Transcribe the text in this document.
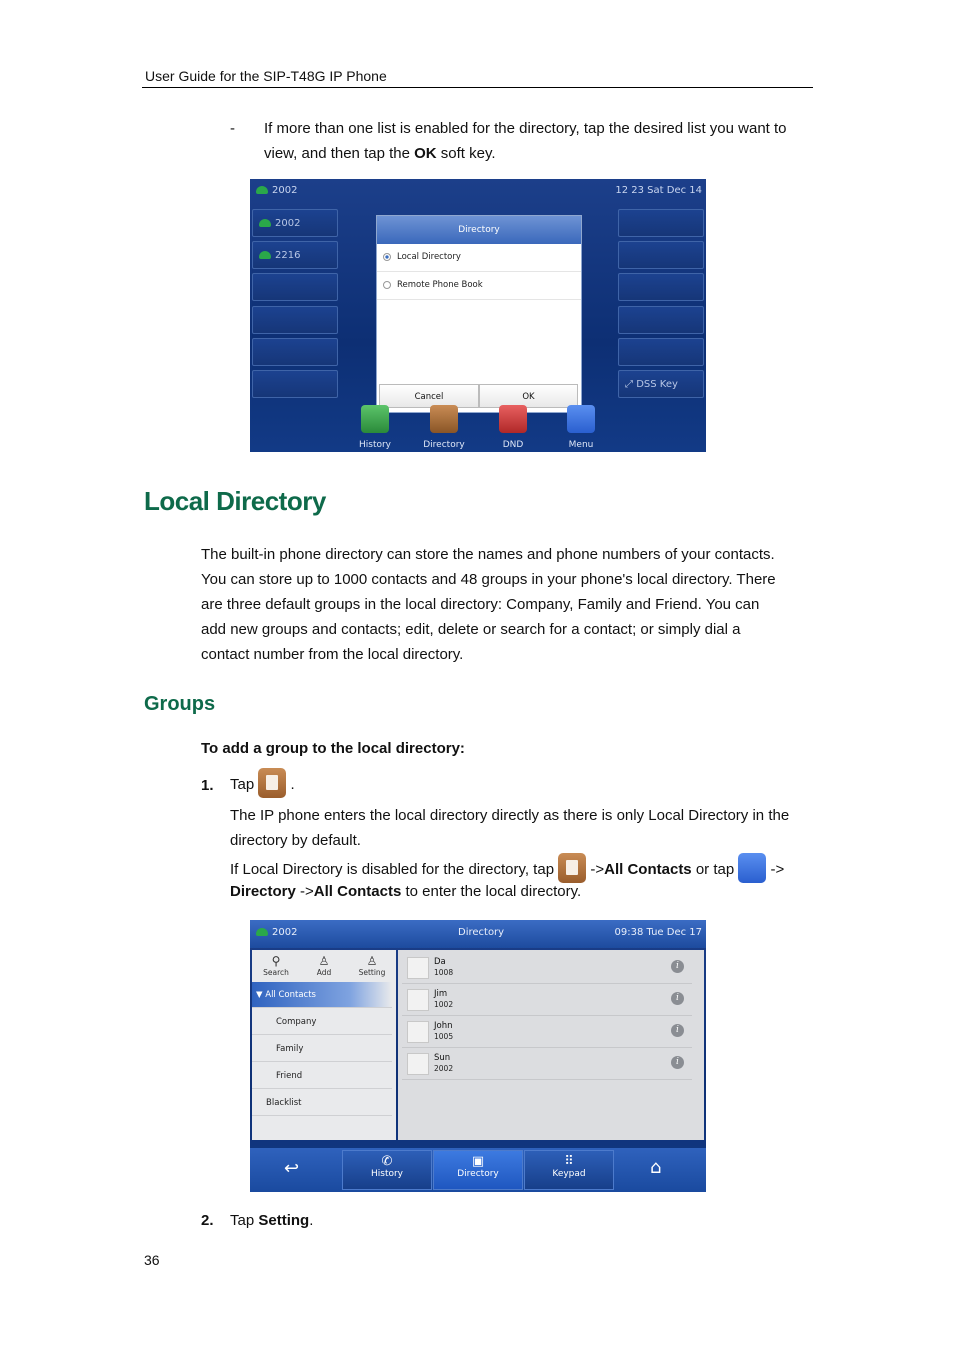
User Guide for the SIP-T48G IP Phone
- If more than one list is enabled for the directory, tap the desired list you want to
view, and then tap the OK soft key.
2002	12 23 Sat Dec 14
2002
2216
⤢ DSS Key
Directory
Local Directory
Remote Phone Book
Cancel	OK
History	Directory	DND	Menu
Local Directory
The built-in phone directory can store the names and phone numbers of your contacts.
You can store up to 1000 contacts and 48 groups in your phone's local directory. There
are three default groups in the local directory: Company, Family and Friend. You can
add new groups and contacts; edit, delete or search for a contact; or simply dial a
contact number from the local directory.
Groups
To add a group to the local directory:
1. Tap .
The IP phone enters the local directory directly as there is only Local Directory in the
directory by default.
If Local Directory is disabled for the directory, tap ->All Contacts or tap ->
Directory ->All Contacts to enter the local directory.
2002	Directory	09:38 Tue Dec 17
⚲
Search
♙
Add
♙
Setting
▼ All Contacts
Company
Family
Friend
Blacklist
Da
1008
i
Jim
1002
i
John
1005
i
Sun
2002
i
↩	✆
History
▣
Directory
⠿
Keypad	⌂
2. Tap Setting.
36
